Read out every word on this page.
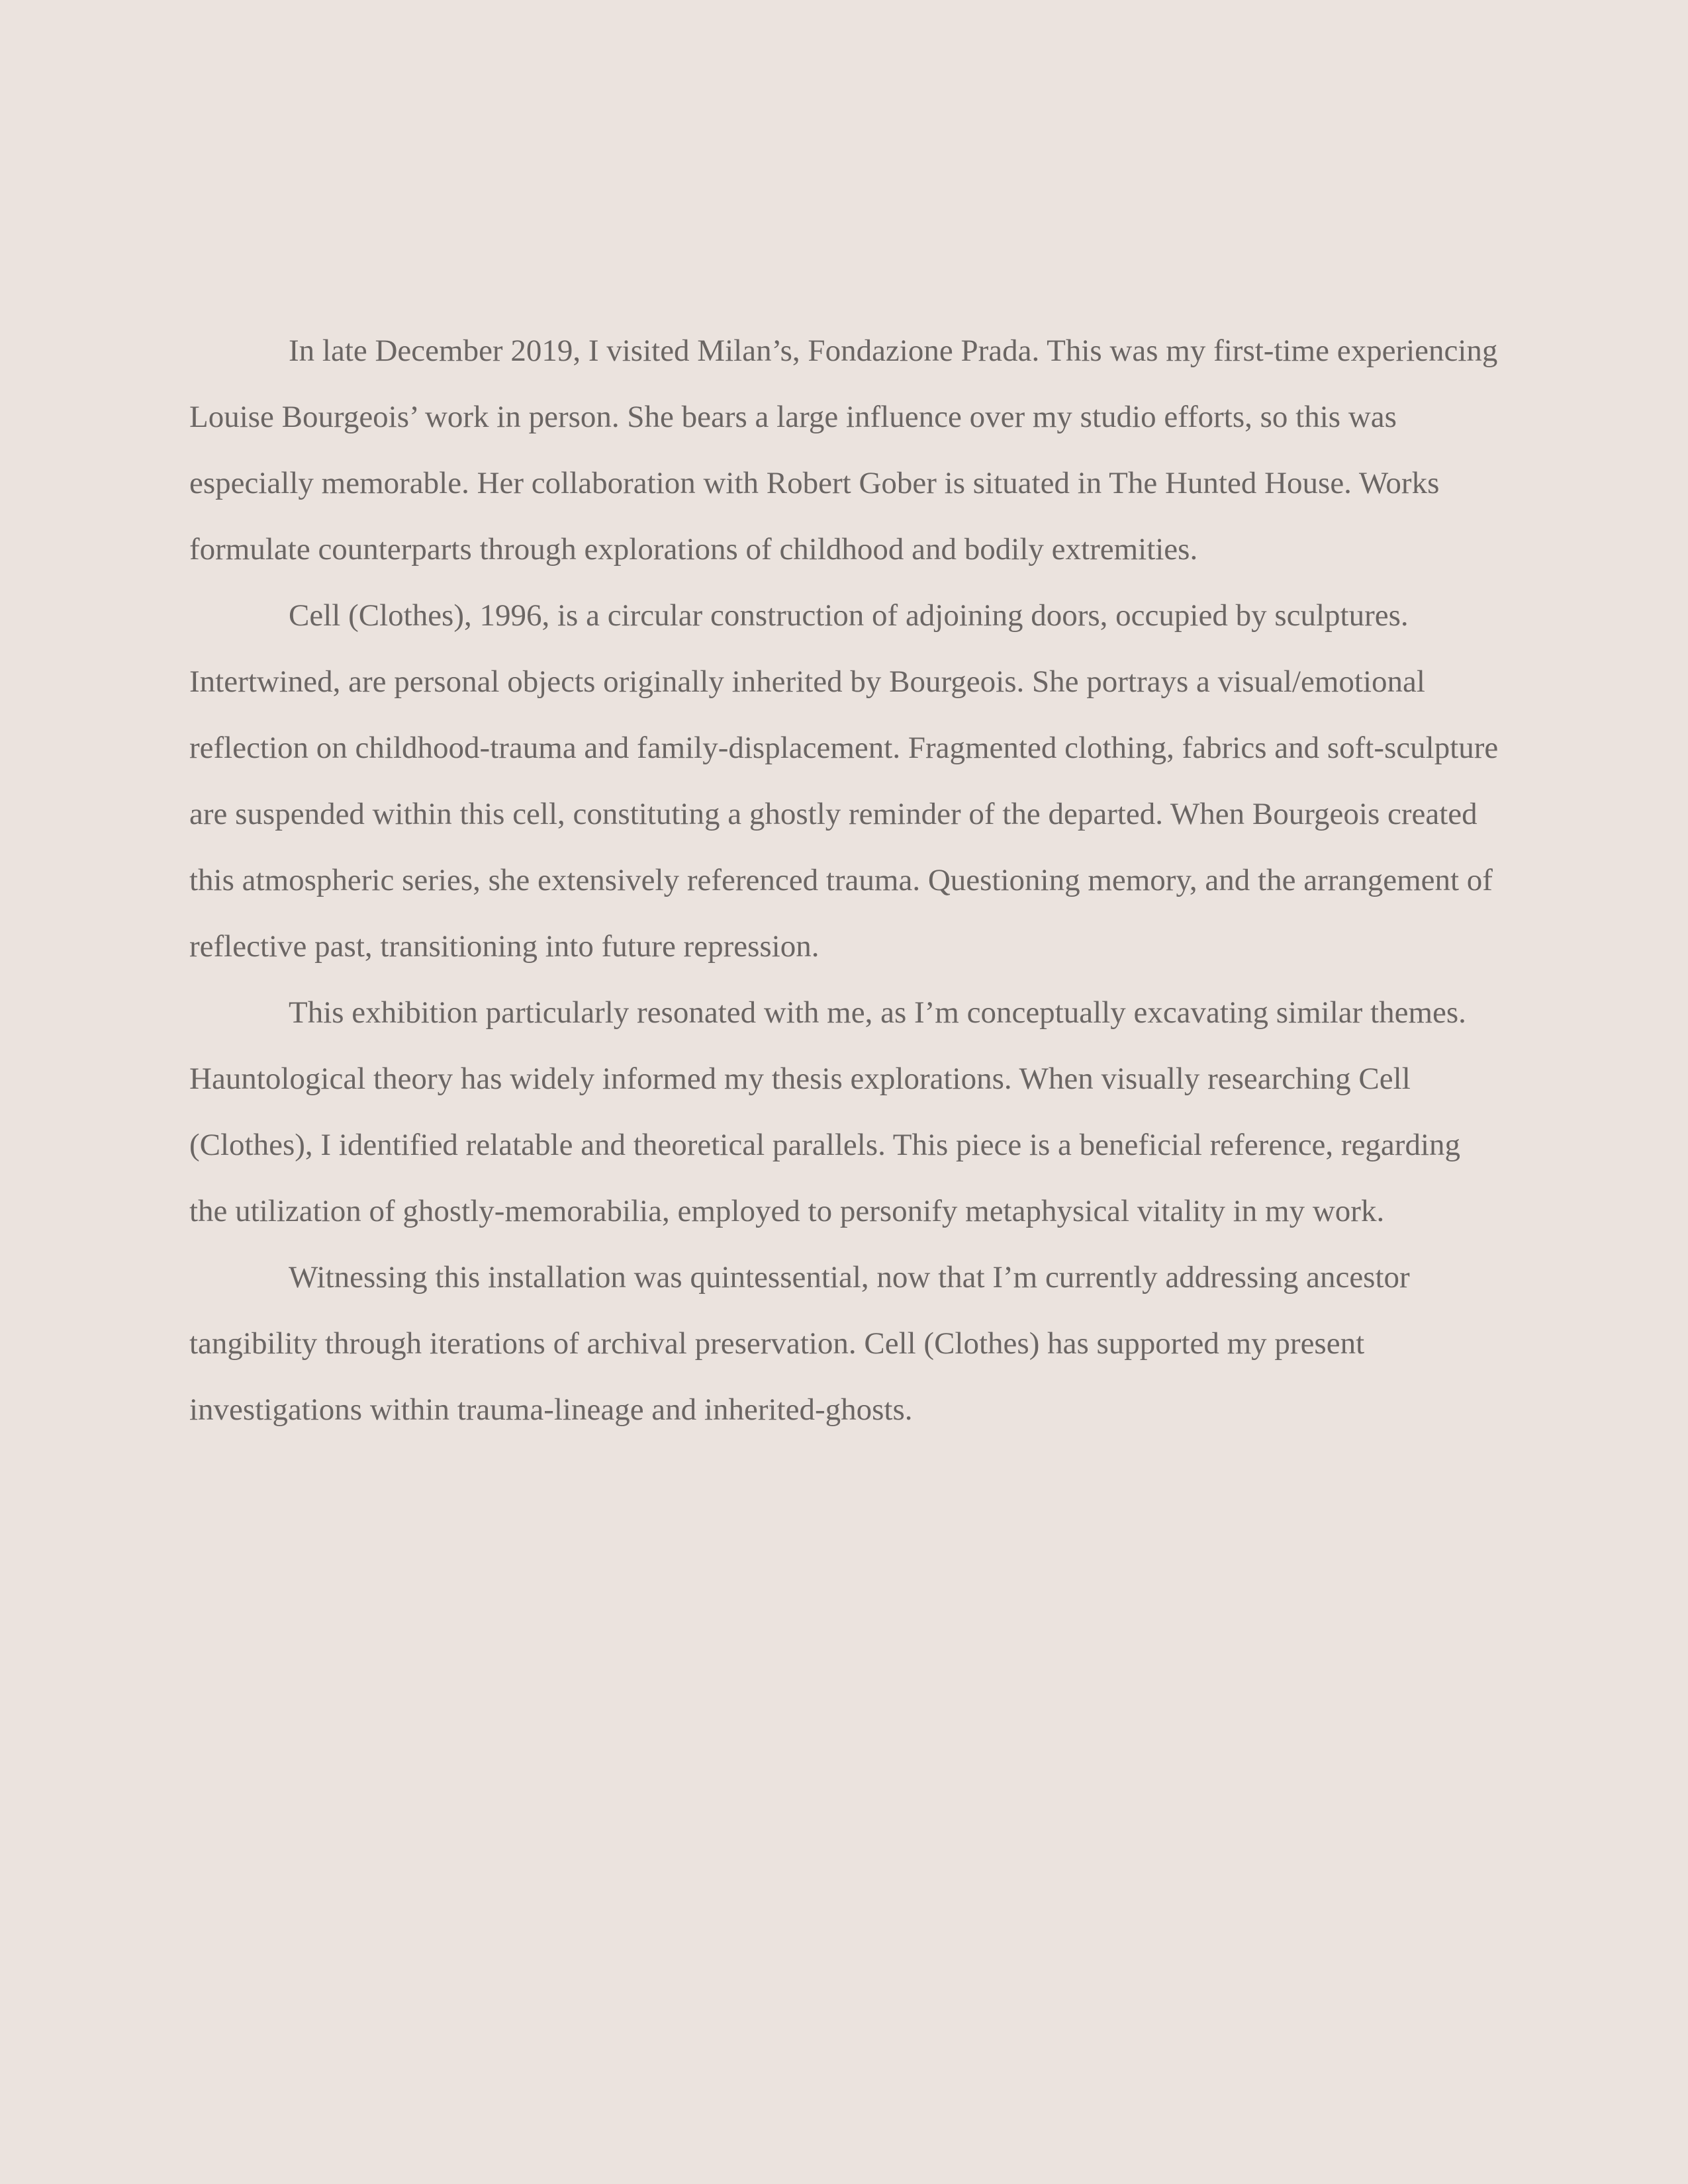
In late December 2019, I visited Milan’s, Fondazione Prada. This was my first-time experiencing Louise Bourgeois’ work in person. She bears a large influence over my studio efforts, so this was especially memorable. Her collaboration with Robert Gober is situated in The Hunted House. Works formulate counterparts through explorations of childhood and bodily extremities.

Cell (Clothes), 1996, is a circular construction of adjoining doors, occupied by sculptures. Intertwined, are personal objects originally inherited by Bourgeois. She portrays a visual/emotional reflection on childhood-trauma and family-displacement. Fragmented clothing, fabrics and soft-sculpture are suspended within this cell, constituting a ghostly reminder of the departed. When Bourgeois created this atmospheric series, she extensively referenced trauma. Questioning memory, and the arrangement of reflective past, transitioning into future repression.

This exhibition particularly resonated with me, as I’m conceptually excavating similar themes. Hauntological theory has widely informed my thesis explorations. When visually researching Cell (Clothes), I identified relatable and theoretical parallels. This piece is a beneficial reference, regarding the utilization of ghostly-memorabilia, employed to personify metaphysical vitality in my work.

Witnessing this installation was quintessential, now that I’m currently addressing ancestor tangibility through iterations of archival preservation. Cell (Clothes) has supported my present investigations within trauma-lineage and inherited-ghosts.
